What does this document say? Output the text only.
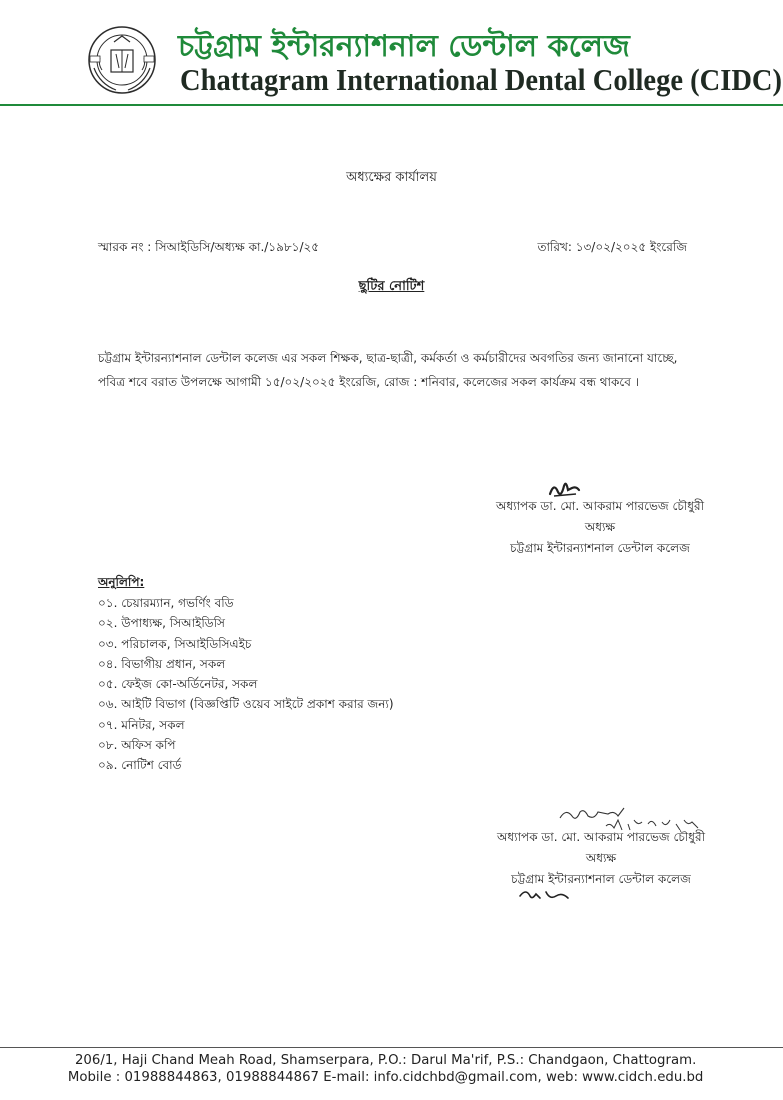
চট্টগ্রাম ইন্টারন্যাশনাল ডেন্টাল কলেজ
Chattagram International Dental College (CIDC)
অধ্যক্ষের কার্যালয়
স্মারক নং : সিআইডিসি/অধ্যক্ষ কা./১৯৮১/২৫	তারিখ: ১৩/০২/২০২৫ ইংরেজি
ছুটির নোটিশ
চট্টগ্রাম ইন্টারন্যাশনাল ডেন্টাল কলেজ এর সকল শিক্ষক, ছাত্র-ছাত্রী, কর্মকর্তা ও কর্মচারীদের অবগতির জন্য জানানো যাচ্ছে,
পবিত্র শবে বরাত উপলক্ষে আগামী ১৫/০২/২০২৫ ইংরেজি, রোজ : শনিবার, কলেজের সকল কার্যক্রম বন্ধ থাকবে ।
অধ্যাপক ডা. মো. আকরাম পারভেজ চৌধুরী
অধ্যক্ষ
চট্টগ্রাম ইন্টারন্যাশনাল ডেন্টাল কলেজ
অনুলিপি:
০১. চেয়ারম্যান, গভর্ণিং বডি
০২. উপাধ্যক্ষ, সিআইডিসি
০৩. পরিচালক, সিআইডিসিএইচ
০৪. বিভাগীয় প্রধান, সকল
০৫. ফেইজ কো-অর্ডিনেটর, সকল
০৬. আইটি বিভাগ (বিজ্ঞপ্তিটি ওয়েব সাইটে প্রকাশ করার জন্য)
০৭. মনিটর, সকল
০৮. অফিস কপি
০৯. নোটিশ বোর্ড
অধ্যাপক ডা. মো. আকরাম পারভেজ চৌধুরী
অধ্যক্ষ
চট্টগ্রাম ইন্টারন্যাশনাল ডেন্টাল কলেজ
206/1, Haji Chand Meah Road, Shamserpara, P.O.: Darul Ma'rif, P.S.: Chandgaon, Chattogram.
Mobile : 01988844863, 01988844867 E-mail: info.cidchbd@gmail.com, web: www.cidch.edu.bd
